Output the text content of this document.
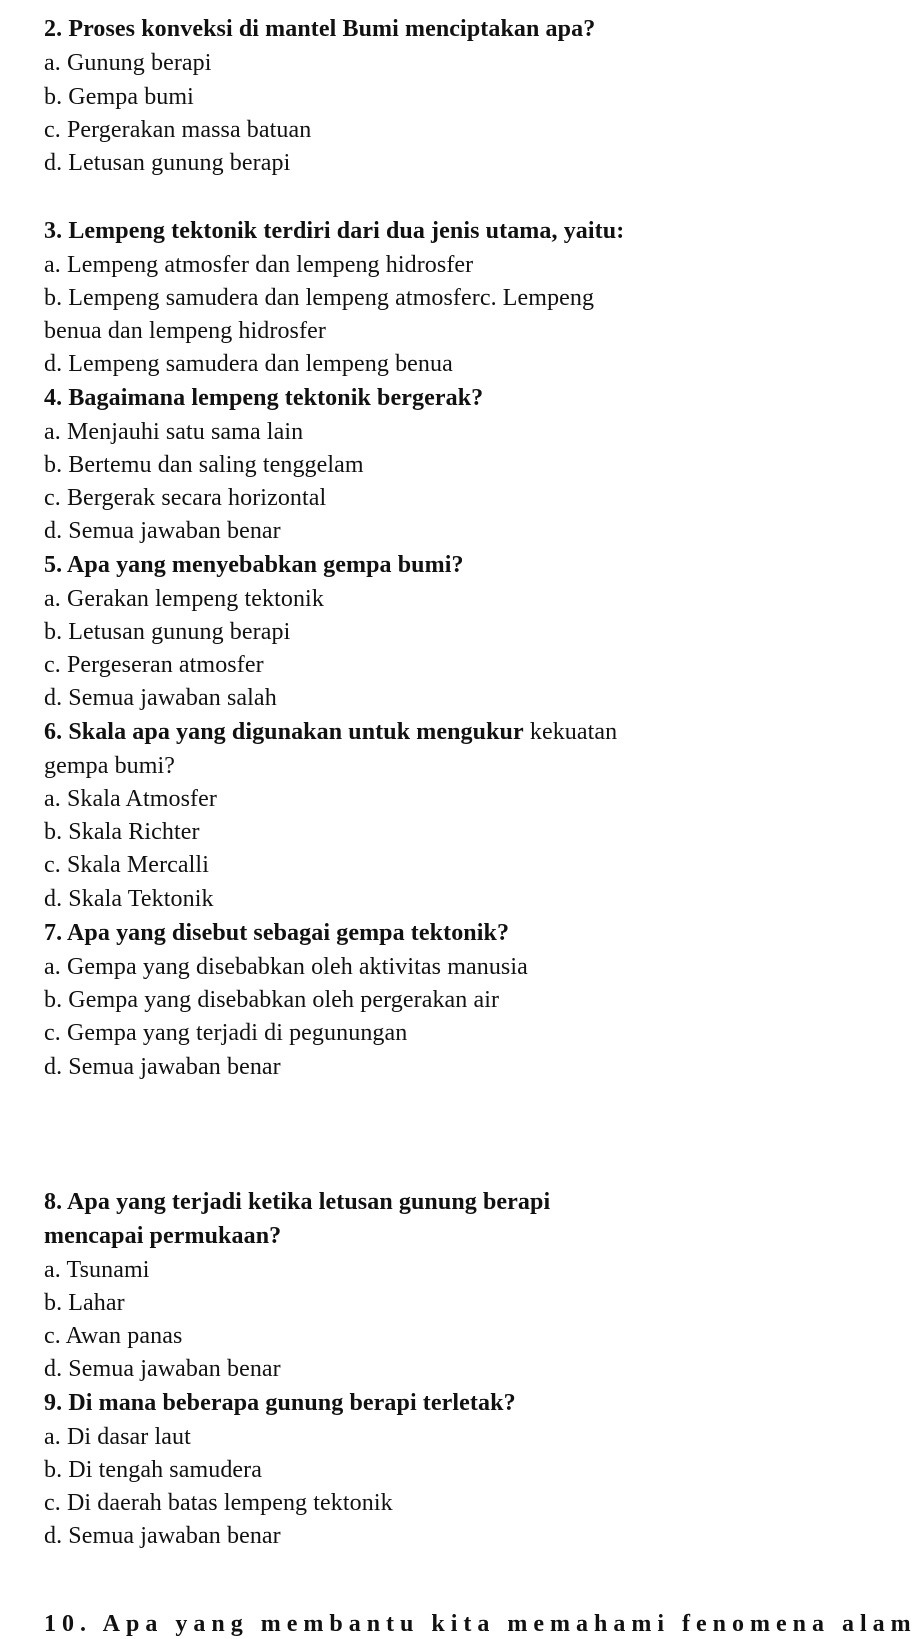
2. Proses konveksi di mantel Bumi menciptakan apa?
a. Gunung berapi
b. Gempa bumi
c. Pergerakan massa batuan
d. Letusan gunung berapi
3. Lempeng tektonik terdiri dari dua jenis utama, yaitu:
a. Lempeng atmosfer dan lempeng hidrosfer
b. Lempeng samudera dan lempeng atmosferc. Lempeng
benua dan lempeng hidrosfer
d. Lempeng samudera dan lempeng benua
4. Bagaimana lempeng tektonik bergerak?
a. Menjauhi satu sama lain
b. Bertemu dan saling tenggelam
c. Bergerak secara horizontal
d. Semua jawaban benar
5. Apa yang menyebabkan gempa bumi?
a. Gerakan lempeng tektonik
b. Letusan gunung berapi
c. Pergeseran atmosfer
d. Semua jawaban salah
6. Skala apa yang digunakan untuk mengukur kekuatan
gempa bumi?
a. Skala Atmosfer
b. Skala Richter
c. Skala Mercalli
d. Skala Tektonik
7. Apa yang disebut sebagai gempa tektonik?
a. Gempa yang disebabkan oleh aktivitas manusia
b. Gempa yang disebabkan oleh pergerakan air
c. Gempa yang terjadi di pegunungan
d. Semua jawaban benar
8. Apa yang terjadi ketika letusan gunung berapi
mencapai permukaan?
a. Tsunami
b. Lahar
c. Awan panas
d. Semua jawaban benar
9. Di mana beberapa gunung berapi terletak?
a. Di dasar laut
b. Di tengah samudera
c. Di daerah batas lempeng tektonik
d. Semua jawaban benar
10. Apa yang membantu kita memahami fenomena alam
